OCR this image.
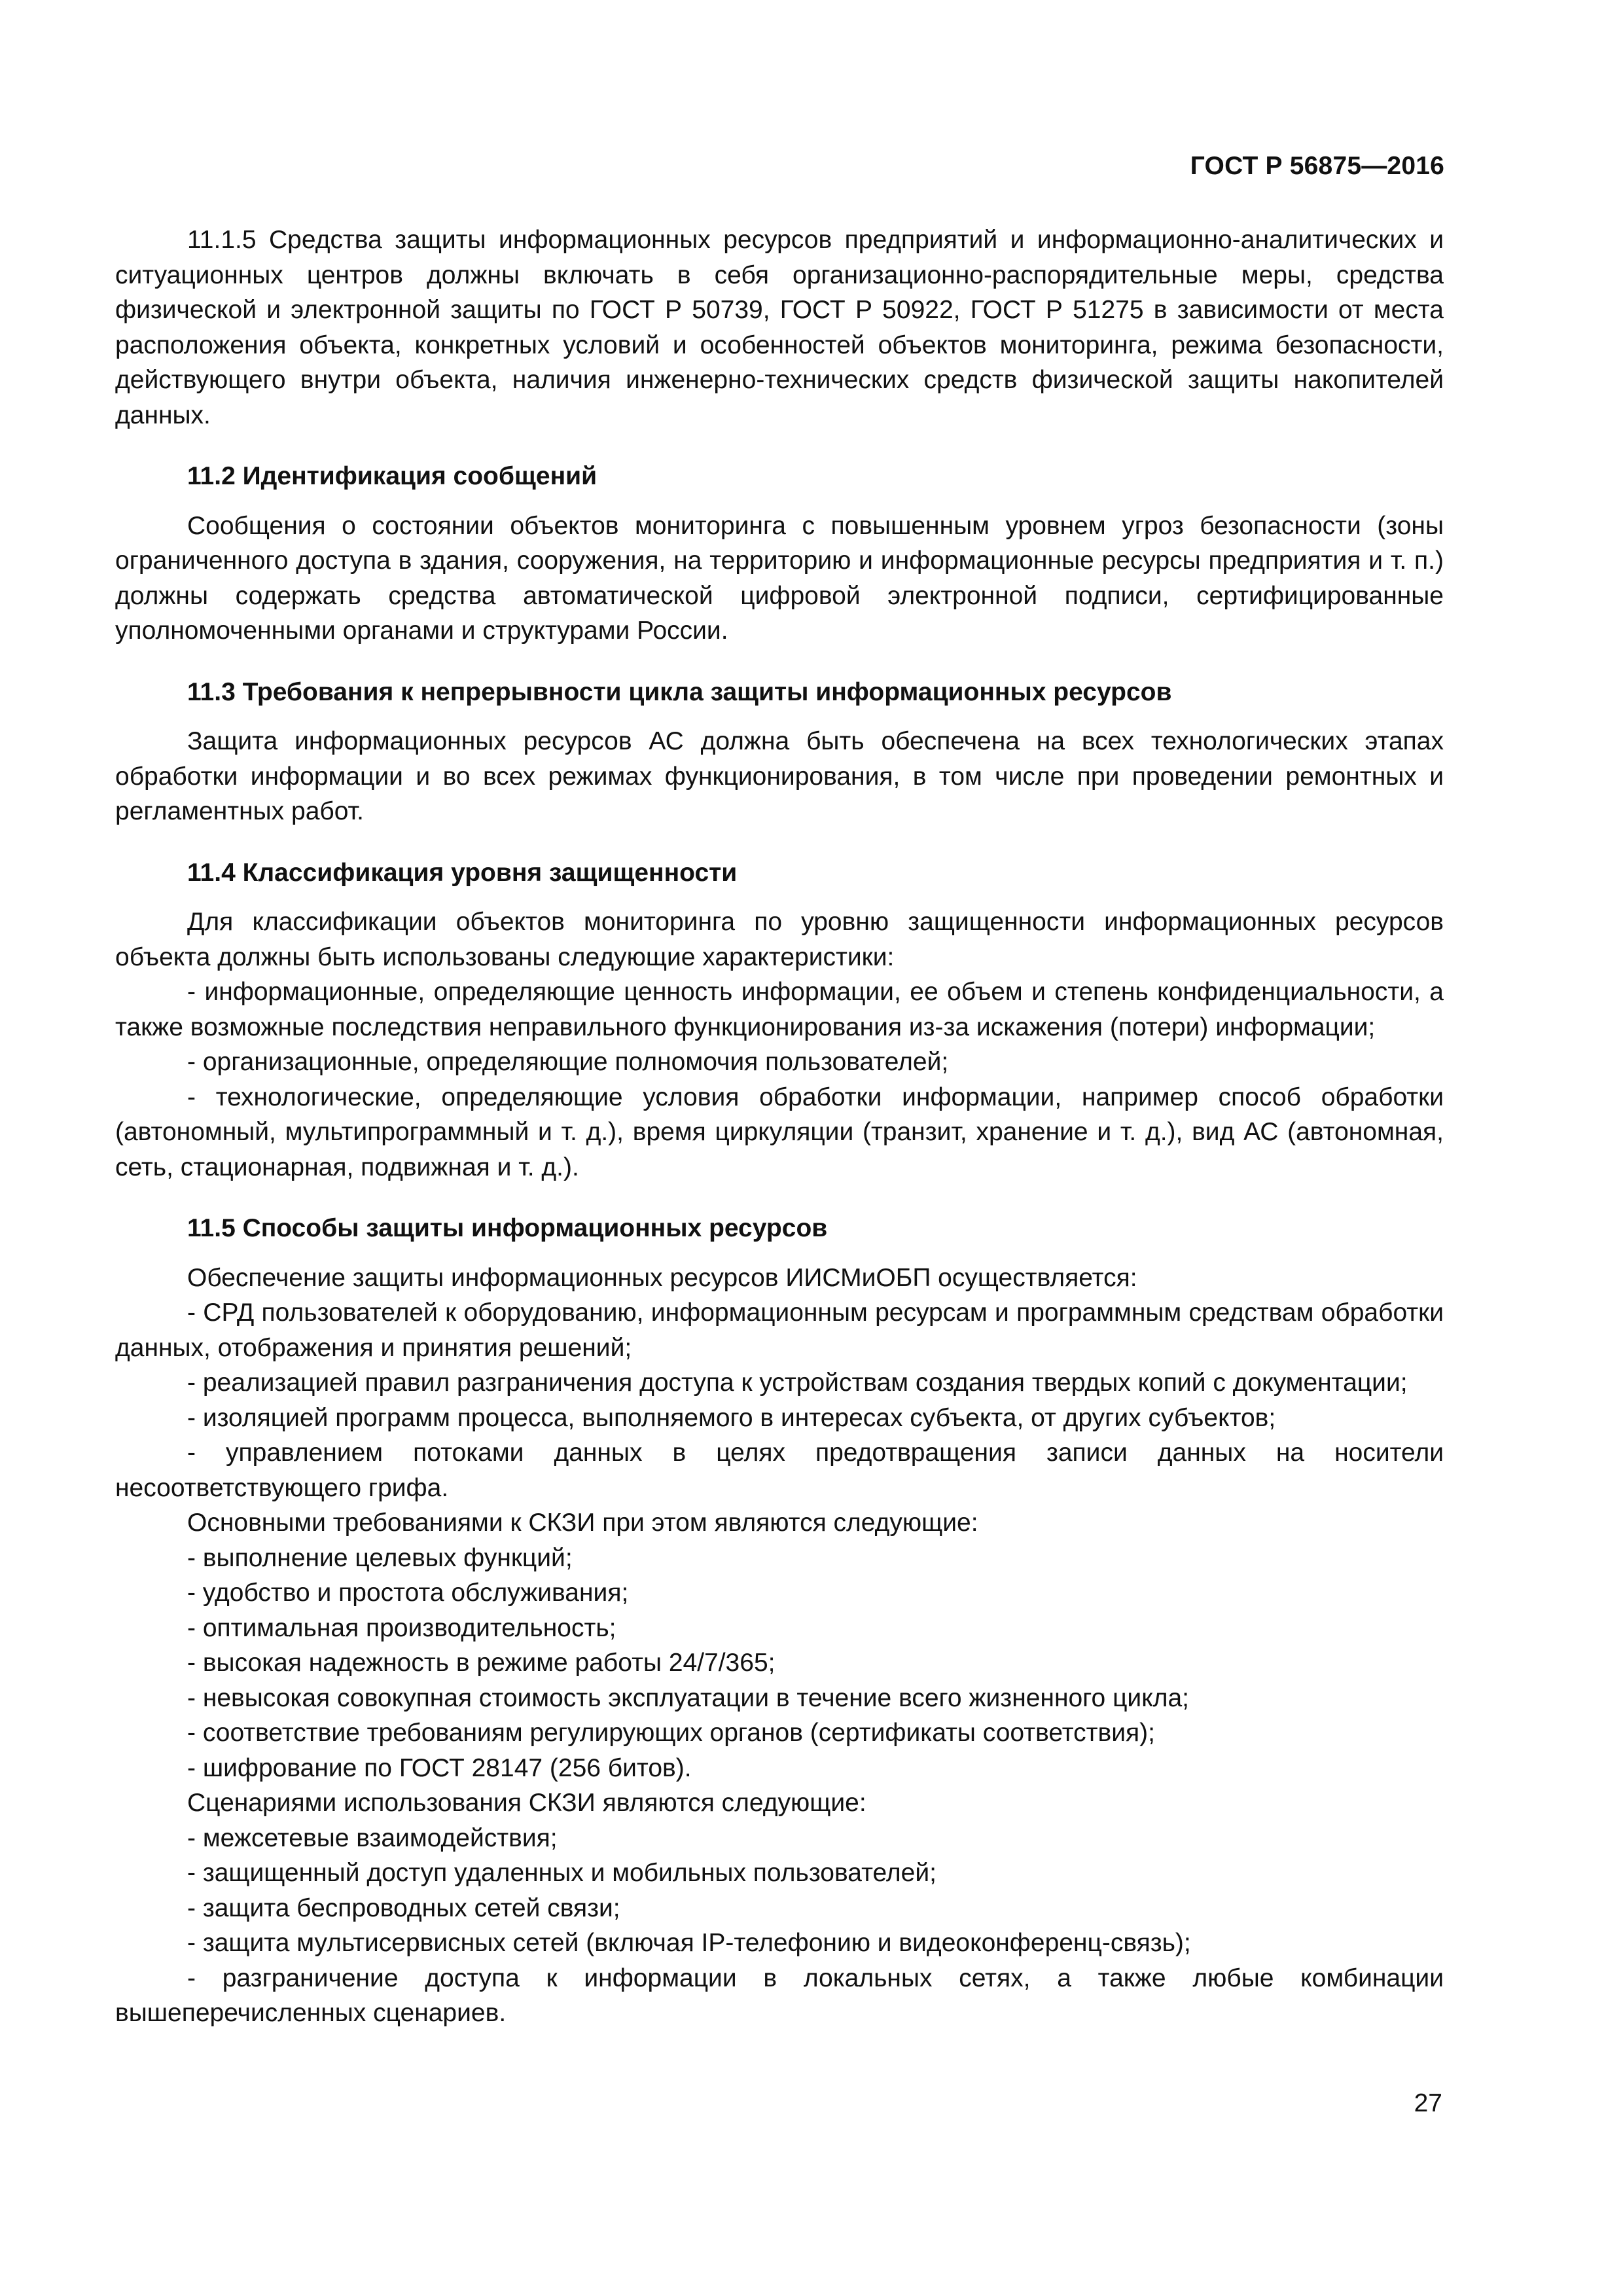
ГОСТ Р 56875—2016

11.1.5 Средства защиты информационных ресурсов предприятий и информационно-аналитических и ситуационных центров должны включать в себя организационно-распорядительные меры, средства физической и электронной защиты по ГОСТ Р 50739, ГОСТ Р 50922, ГОСТ Р 51275 в зависимости от места расположения объекта, конкретных условий и особенностей объектов мониторинга, режима безопасности, действующего внутри объекта, наличия инженерно-технических средств физической защиты накопителей данных.

11.2 Идентификация сообщений

Сообщения о состоянии объектов мониторинга с повышенным уровнем угроз безопасности (зоны ограниченного доступа в здания, сооружения, на территорию и информационные ресурсы предприятия и т. п.) должны содержать средства автоматической цифровой электронной подписи, сертифицированные уполномоченными органами и структурами России.

11.3 Требования к непрерывности цикла защиты информационных ресурсов

Защита информационных ресурсов АС должна быть обеспечена на всех технологических этапах обработки информации и во всех режимах функционирования, в том числе при проведении ремонтных и регламентных работ.

11.4 Классификация уровня защищенности

Для классификации объектов мониторинга по уровню защищенности информационных ресурсов объекта должны быть использованы следующие характеристики:

- информационные, определяющие ценность информации, ее объем и степень конфиденциальности, а также возможные последствия неправильного функционирования из-за искажения (потери) информации;

- организационные, определяющие полномочия пользователей;

- технологические, определяющие условия обработки информации, например способ обработки (автономный, мультипрограммный и т. д.), время циркуляции (транзит, хранение и т. д.), вид АС (автономная, сеть, стационарная, подвижная и т. д.).

11.5 Способы защиты информационных ресурсов

Обеспечение защиты информационных ресурсов ИИСМиОБП осуществляется:

- СРД пользователей к оборудованию, информационным ресурсам и программным средствам обработки данных, отображения и принятия решений;

- реализацией правил разграничения доступа к устройствам создания твердых копий с документации;

- изоляцией программ процесса, выполняемого в интересах субъекта, от других субъектов;

- управлением потоками данных в целях предотвращения записи данных на носители несоответствующего грифа.

Основными требованиями к СКЗИ при этом являются следующие:

- выполнение целевых функций;

- удобство и простота обслуживания;

- оптимальная производительность;

- высокая надежность в режиме работы 24/7/365;

- невысокая совокупная стоимость эксплуатации в течение всего жизненного цикла;

- соответствие требованиям регулирующих органов (сертификаты соответствия);

- шифрование по ГОСТ 28147 (256 битов).

Сценариями использования СКЗИ являются следующие:

- межсетевые взаимодействия;

- защищенный доступ удаленных и мобильных пользователей;

- защита беспроводных сетей связи;

- защита мультисервисных сетей (включая IP-телефонию и видеоконференц-связь);

- разграничение доступа к информации в локальных сетях, а также любые комбинации вышеперечисленных сценариев.

27
